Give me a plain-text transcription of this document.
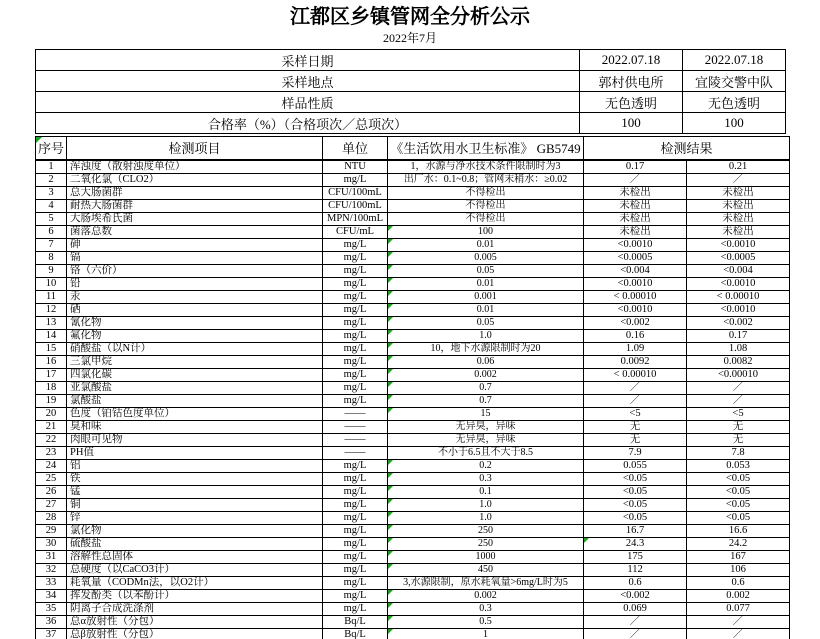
江都区乡镇管网全分析公示
2022年7月
采样日期	2022.07.18	2022.07.18
采样地点	郭村供电所	宜陵交警中队
样品性质	无色透明	无色透明
合格率（%）（合格项次／总项次）	100	100
序号	检测项目	单位	《生活饮用水卫生标准》 GB5749	检测结果	
1	浑浊度（散射浊度单位）	NTU	1，水源与净水技术条件限制时为3	0.17	0.21
2	二氧化氯（CLO2）	mg/L	出厂水：0.1~0.8；管网末稍水：≥0.02	／	／
3	总大肠菌群	CFU/100mL	不得检出	未检出	未检出
4	耐热大肠菌群	CFU/100mL	不得检出	未检出	未检出
5	大肠埃希氏菌	MPN/100mL	不得检出	未检出	未检出
6	菌落总数	CFU/mL	100	未检出	未检出
7	砷	mg/L	0.01	<0.0010	<0.0010
8	镉	mg/L	0.005	<0.0005	<0.0005
9	铬（六价）	mg/L	0.05	<0.004	<0.004
10	铅	mg/L	0.01	<0.0010	<0.0010
11	汞	mg/L	0.001	< 0.00010	< 0.00010
12	硒	mg/L	0.01	<0.0010	<0.0010
13	氰化物	mg/L	0.05	<0.002	<0.002
14	氟化物	mg/L	1.0	0.16	0.17
15	硝酸盐（以N计）	mg/L	10，地下水源限制时为20	1.09	1.08
16	三氯甲烷	mg/L	0.06	0.0092	0.0082
17	四氯化碳	mg/L	0.002	< 0.00010	<0.00010
18	亚氯酸盐	mg/L	0.7	／	／
19	氯酸盐	mg/L	0.7	／	／
20	色度（铂钴色度单位）	——	15	<5	<5
21	臭和味	——	无异臭，异味	无	无
22	肉眼可见物	——	无异臭，异味	无	无
23	PH值	——	不小于6.5且不大于8.5	7.9	7.8
24	铝	mg/L	0.2	0.055	0.053
25	铁	mg/L	0.3	<0.05	<0.05
26	锰	mg/L	0.1	<0.05	<0.05
27	铜	mg/L	1.0	<0.05	<0.05
28	锌	mg/L	1.0	<0.05	<0.05
29	氯化物	mg/L	250	16.7	16.6
30	硫酸盐	mg/L	250	24.3	24.2
31	溶解性总固体	mg/L	1000	175	167
32	总硬度（以CaCO3计）	mg/L	450	112	106
33	耗氧量（CODMn法，以O2计）	mg/L	3,水源限制，原水耗氧量>6mg/L时为5	0.6	0.6
34	挥发酚类（以苯酚计）	mg/L	0.002	<0.002	0.002
35	阴离子合成洗涤剂	mg/L	0.3	0.069	0.077
36	总α放射性（分包）	Bq/L	0.5	／	／
37	总β放射性（分包）	Bq/L	1	／	／
